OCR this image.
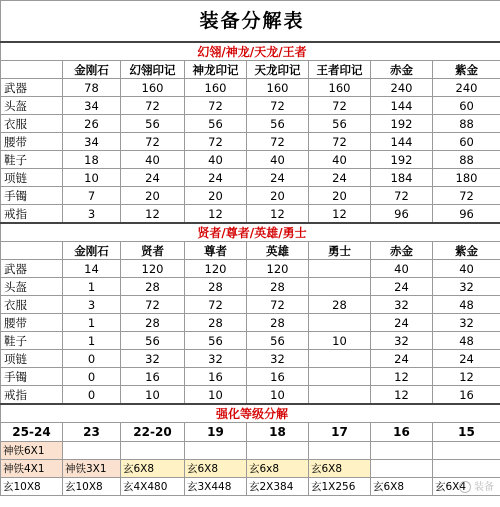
装备分解表							
幻翎/神龙/天龙/王者							
	金刚石	幻翎印记	神龙印记	天龙印记	王者印记	赤金	紫金
武器	78	160	160	160	160	240	240
头盔	34	72	72	72	72	144	60
衣服	26	56	56	56	56	192	88
腰带	34	72	72	72	72	144	60
鞋子	18	40	40	40	40	192	88
项链	10	24	24	24	24	184	180
手镯	7	20	20	20	20	72	72
戒指	3	12	12	12	12	96	96
贤者/尊者/英雄/勇士							
	金刚石	贤者	尊者	英雄	勇士	赤金	紫金
武器	14	120	120	120		40	40
头盔	1	28	28	28		24	32
衣服	3	72	72	72	28	32	48
腰带	1	28	28	28		24	32
鞋子	1	56	56	56	10	32	48
项链	0	32	32	32		24	24
手镯	0	16	16	16		12	12
戒指	0	10	10	10		12	16
强化等级分解							
25-24	23	22-20	19	18	17	16	15
神铁6X1							
神铁4X1	神铁3X1	玄6X8	玄6X8	玄6x8	玄6X8		
玄10X8	玄10X8	玄4X480	玄3X448	玄2X384	玄1X256	玄6X8	玄6X4 装备
